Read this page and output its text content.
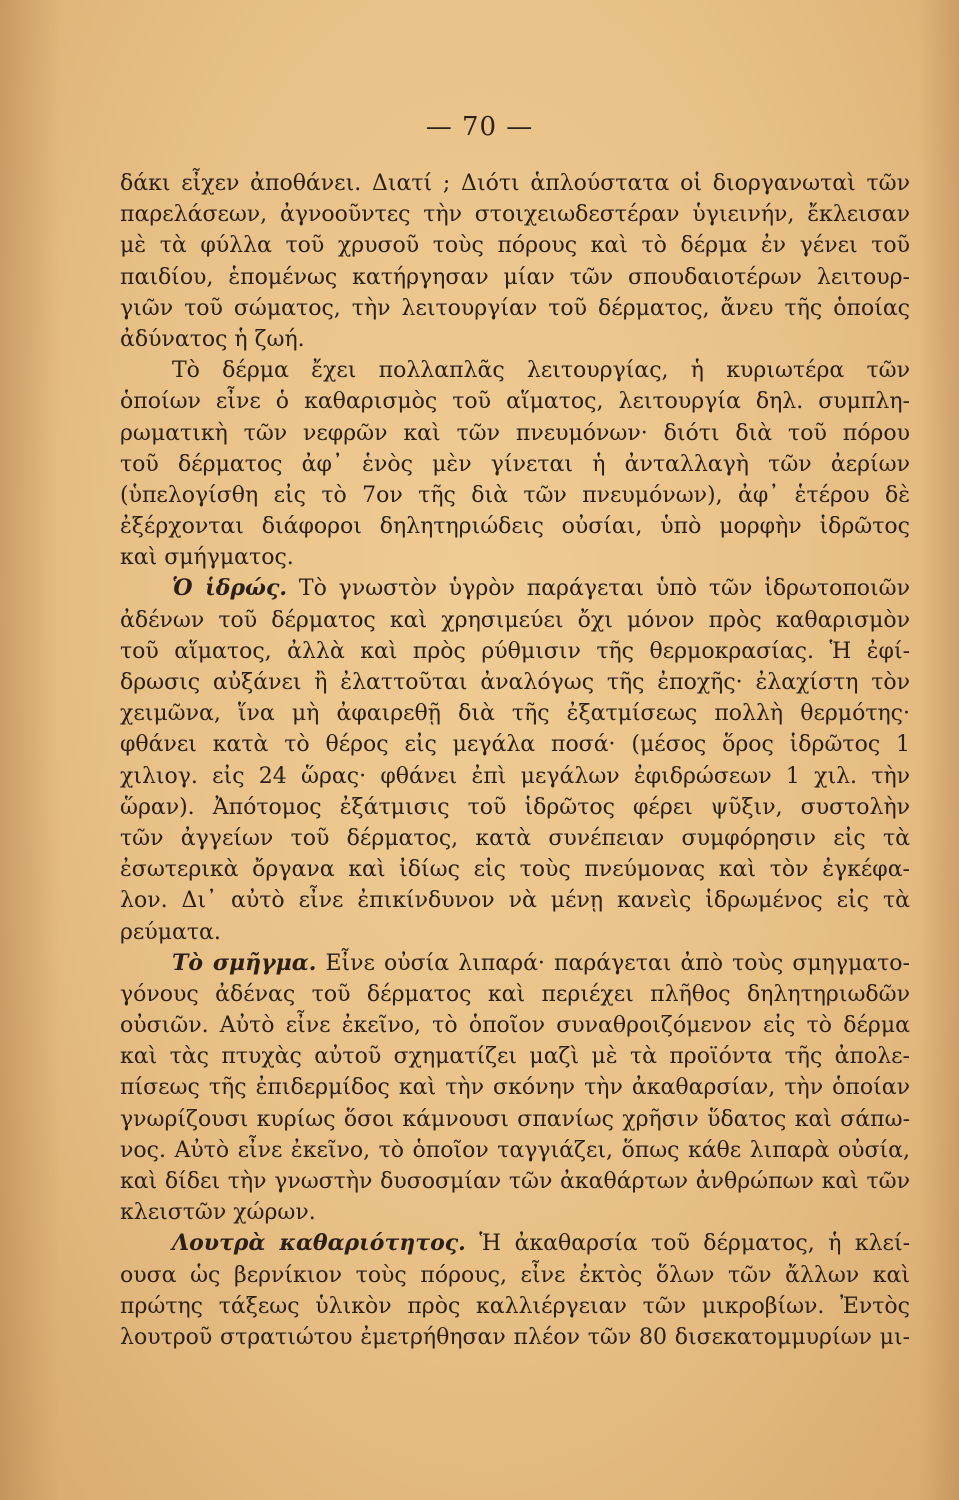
— 70 —
δάκι εἶχεν ἀποθάνει. Διατί ; Διότι ἁπλούστατα οἱ διοργανωταὶ τῶν
παρελάσεων, ἀγνοοῦντες τὴν στοιχειωδεστέραν ὑγιεινήν, ἔκλεισαν
μὲ τὰ φύλλα τοῦ χρυσοῦ τοὺς πόρους καὶ τὸ δέρμα ἐν γένει τοῦ
παιδίου, ἑπομένως κατήργησαν μίαν τῶν σπουδαιοτέρων λειτουρ-
γιῶν τοῦ σώματος, τὴν λειτουργίαν τοῦ δέρματος, ἄνευ τῆς ὁποίας
ἀδύνατος ἡ ζωή.
Τὸ δέρμα ἔχει πολλαπλᾶς λειτουργίας, ἡ κυριωτέρα τῶν
ὁποίων εἶνε ὁ καθαρισμὸς τοῦ αἵματος, λειτουργία δηλ. συμπλη-
ρωματικὴ τῶν νεφρῶν καὶ τῶν πνευμόνων· διότι διὰ τοῦ πόρου
τοῦ δέρματος ἀφ᾽ ἑνὸς μὲν γίνεται ἡ ἀνταλλαγὴ τῶν ἀερίων
(ὑπελογίσθη εἰς τὸ 7ον τῆς διὰ τῶν πνευμόνων), ἀφ᾽ ἑτέρου δὲ
ἐξέρχονται διάφοροι δηλητηριώδεις οὐσίαι, ὑπὸ μορφὴν ἱδρῶτος
καὶ σμήγματος.
Ὁ ἱδρώς. Τὸ γνωστὸν ὑγρὸν παράγεται ὑπὸ τῶν ἱδρωτοποιῶν
ἀδένων τοῦ δέρματος καὶ χρησιμεύει ὄχι μόνον πρὸς καθαρισμὸν
τοῦ αἵματος, ἀλλὰ καὶ πρὸς ρύθμισιν τῆς θερμοκρασίας. Ἡ ἐφί-
δρωσις αὐξάνει ἢ ἐλαττοῦται ἀναλόγως τῆς ἐποχῆς· ἐλαχίστη τὸν
χειμῶνα, ἵνα μὴ ἀφαιρεθῇ διὰ τῆς ἐξατμίσεως πολλὴ θερμότης·
φθάνει κατὰ τὸ θέρος εἰς μεγάλα ποσά· (μέσος ὅρος ἱδρῶτος 1
χιλιογ. εἰς 24 ὥρας· φθάνει ἐπὶ μεγάλων ἐφιδρώσεων 1 χιλ. τὴν
ὥραν). Ἀπότομος ἐξάτμισις τοῦ ἱδρῶτος φέρει ψῦξιν, συστολὴν
τῶν ἀγγείων τοῦ δέρματος, κατὰ συνέπειαν συμφόρησιν εἰς τὰ
ἐσωτερικὰ ὄργανα καὶ ἰδίως εἰς τοὺς πνεύμονας καὶ τὸν ἐγκέφα-
λον. Δι᾽ αὐτὸ εἶνε ἐπικίνδυνον νὰ μένῃ κανεὶς ἱδρωμένος εἰς τὰ
ρεύματα.
Τὸ σμῆγμα. Εἶνε οὐσία λιπαρά· παράγεται ἀπὸ τοὺς σμηγματο-
γόνους ἀδένας τοῦ δέρματος καὶ περιέχει πλῆθος δηλητηριωδῶν
οὐσιῶν. Αὐτὸ εἶνε ἐκεῖνο, τὸ ὁποῖον συναθροιζόμενον εἰς τὸ δέρμα
καὶ τὰς πτυχὰς αὐτοῦ σχηματίζει μαζὶ μὲ τὰ προϊόντα τῆς ἀπολε-
πίσεως τῆς ἐπιδερμίδος καὶ τὴν σκόνην τὴν ἀκαθαρσίαν, τὴν ὁποίαν
γνωρίζουσι κυρίως ὅσοι κάμνουσι σπανίως χρῆσιν ὕδατος καὶ σάπω-
νος. Αὐτὸ εἶνε ἐκεῖνο, τὸ ὁποῖον ταγγιάζει, ὅπως κάθε λιπαρὰ οὐσία,
καὶ δίδει τὴν γνωστὴν δυσοσμίαν τῶν ἀκαθάρτων ἀνθρώπων καὶ τῶν
κλειστῶν χώρων.
Λουτρὰ καθαριότητος. Ἡ ἀκαθαρσία τοῦ δέρματος, ἡ κλεί-
ουσα ὡς βερνίκιον τοὺς πόρους, εἶνε ἐκτὸς ὅλων τῶν ἄλλων καὶ
πρώτης τάξεως ὑλικὸν πρὸς καλλιέργειαν τῶν μικροβίων. Ἐντὸς
λουτροῦ στρατιώτου ἐμετρήθησαν πλέον τῶν 80 δισεκατομμυρίων μι-
